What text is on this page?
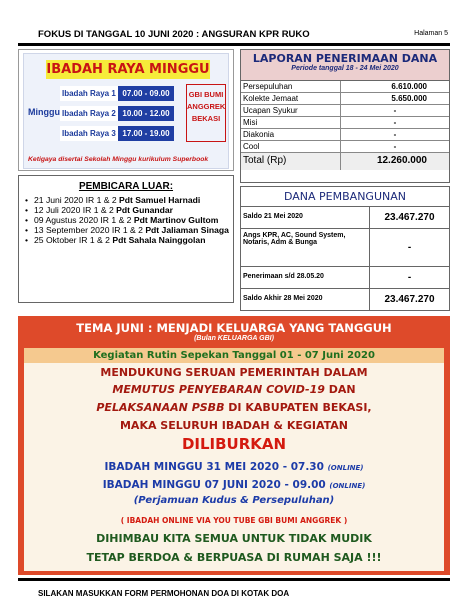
FOKUS DI TANGGAL 10 JUNI 2020 : ANGSURAN KPR RUKO	Halaman 5
IBADAH RAYA MINGGU
Minggu
Ibadah Raya 1 07.00 - 09.00
Ibadah Raya 2 10.00 - 12.00
Ibadah Raya 3 17.00 - 19.00
GBI BUMI
ANGGREK
BEKASI
Ketigaya disertai Sekolah Minggu kurikulum Superbook
LAPORAN PENERIMAAN DANA
Periode tanggal 18 - 24 Mei 2020
Persepuluhan	6.610.000
Kolekte Jemaat	5.650.000
Ucapan Syukur	-
Misi	-
Diakonia	-
Cool	-
Total (Rp)	12.260.000
PEMBICARA LUAR:
• 21 Juni 2020 IR 1 & 2 Pdt Samuel Harnadi
• 12 Juli 2020 IR 1 & 2 Pdt Gunandar
• 09 Agustus 2020 IR 1 & 2 Pdt Martinov Gultom
• 13 September 2020 IR 1 & 2 Pdt Jaliaman Sinaga
• 25 Oktober IR 1 & 2 Pdt Sahala Nainggolan
DANA PEMBANGUNAN
Saldo 21 Mei 2020	23.467.270
Angs KPR, AC, Sound System, Notaris, Adm & Bunga	-
Penerimaan s/d 28.05.20	-
Saldo Akhir 28 Mei 2020	23.467.270
TEMA JUNI : MENJADI KELUARGA YANG TANGGUH
(Bulan KELUARGA GBI)
Kegiatan Rutin Sepekan Tanggal 01 - 07 Juni 2020
MENDUKUNG SERUAN PEMERINTAH DALAM
MEMUTUS PENYEBARAN COVID-19 DAN
PELAKSANAAN PSBB DI KABUPATEN BEKASI,
MAKA SELURUH IBADAH & KEGIATAN
DILIBURKAN
IBADAH MINGGU 31 MEI 2020 - 07.30 (ONLINE)
IBADAH MINGGU 07 JUNI 2020 - 09.00 (ONLINE)
(Perjamuan Kudus & Persepuluhan)
( IBADAH ONLINE VIA YOU TUBE GBI BUMI ANGGREK )
DIHIMBAU KITA SEMUA UNTUK TIDAK MUDIK
TETAP BERDOA & BERPUASA DI RUMAH SAJA !!!
SILAKAN MASUKKAN FORM PERMOHONAN DOA DI KOTAK DOA
